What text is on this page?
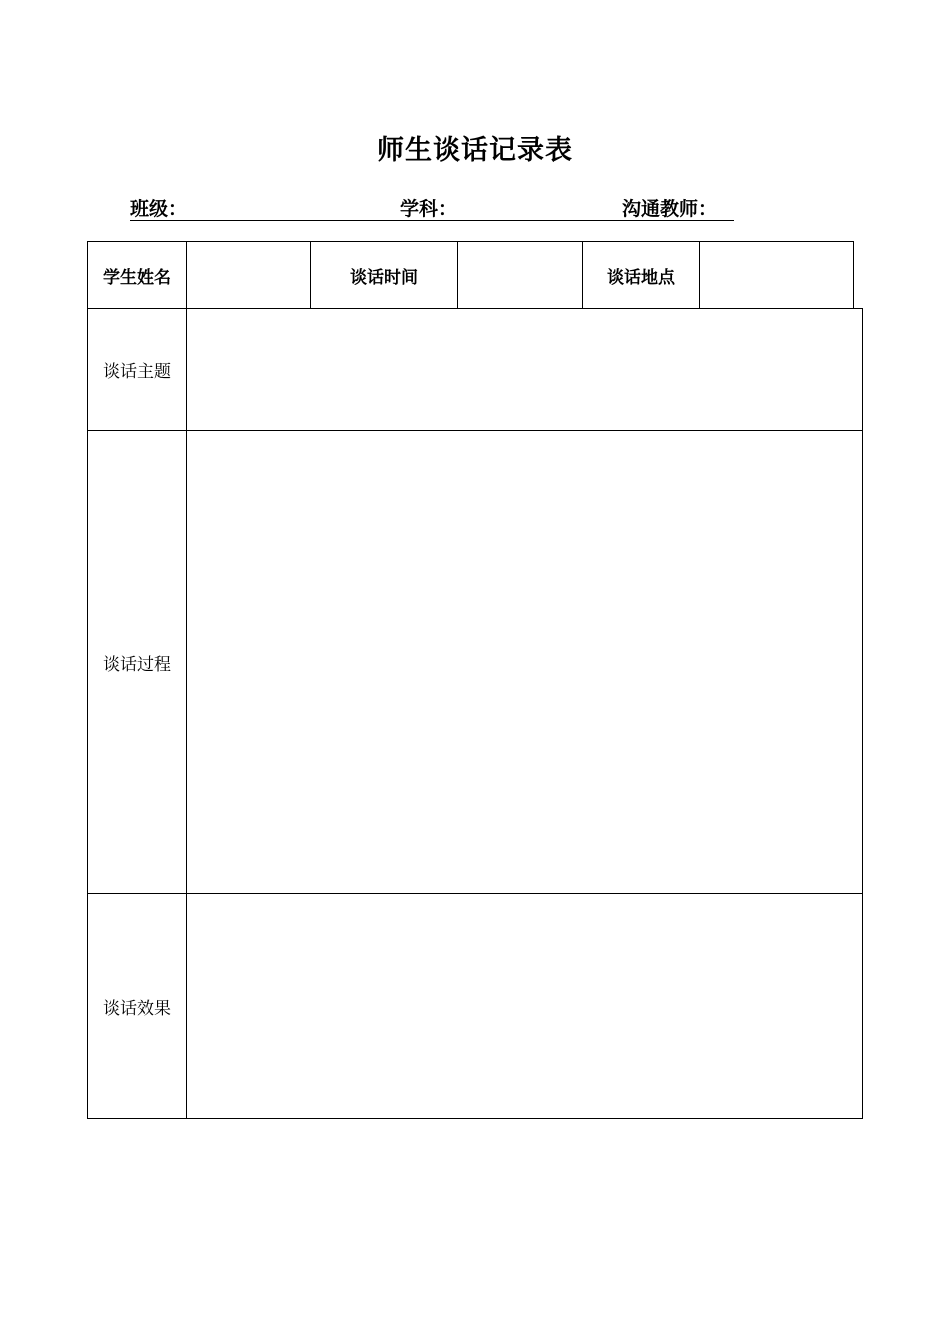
师生谈话记录表
班级：	学科：	沟通教师：
学生姓名	谈话时间	谈话地点
谈话主题
谈话过程
谈话效果
